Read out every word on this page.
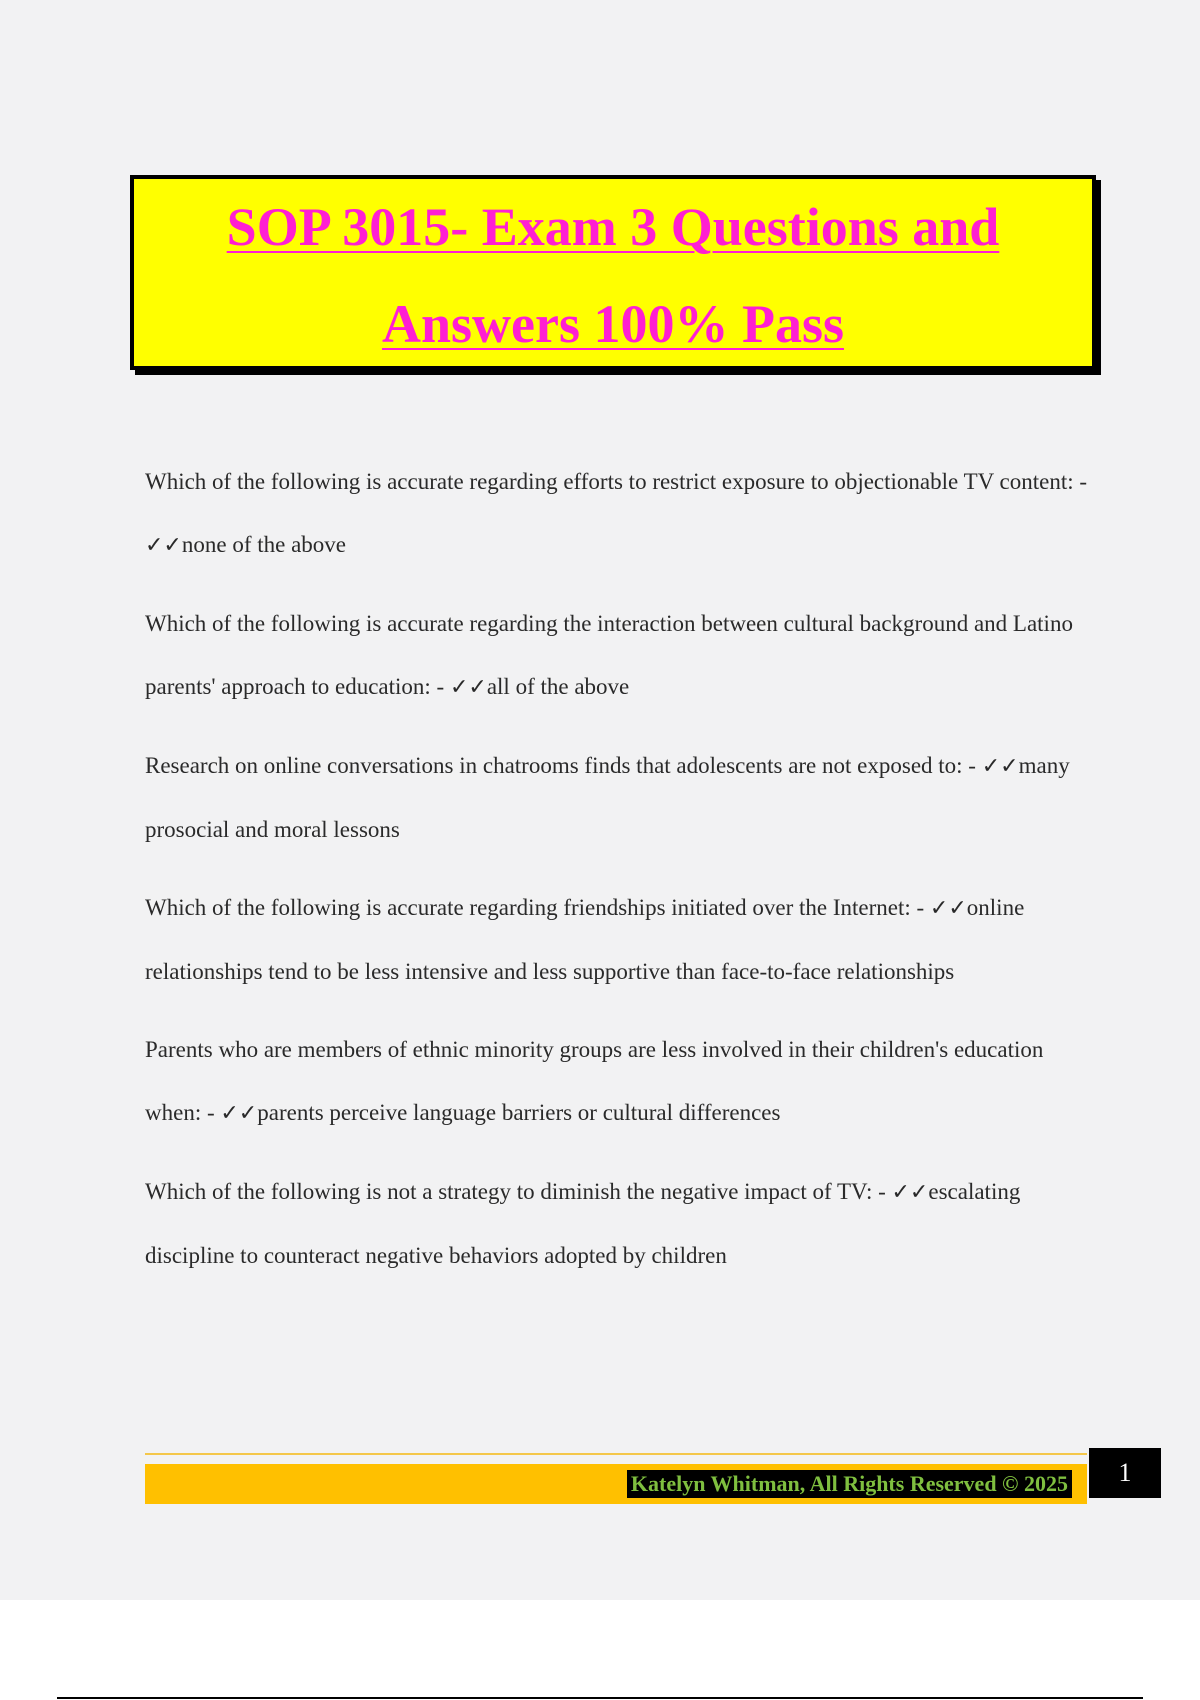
SOP 3015- Exam 3 Questions and
Answers 100% Pass

Which of the following is accurate regarding efforts to restrict exposure to objectionable TV content: - ✓✓none of the above

Which of the following is accurate regarding the interaction between cultural background and Latino parents' approach to education: - ✓✓all of the above

Research on online conversations in chatrooms finds that adolescents are not exposed to: - ✓✓many prosocial and moral lessons

Which of the following is accurate regarding friendships initiated over the Internet: - ✓✓online relationships tend to be less intensive and less supportive than face-to-face relationships

Parents who are members of ethnic minority groups are less involved in their children's education when: - ✓✓parents perceive language barriers or cultural differences

Which of the following is not a strategy to diminish the negative impact of TV: - ✓✓escalating discipline to counteract negative behaviors adopted by children

Katelyn Whitman, All Rights Reserved © 2025	1
